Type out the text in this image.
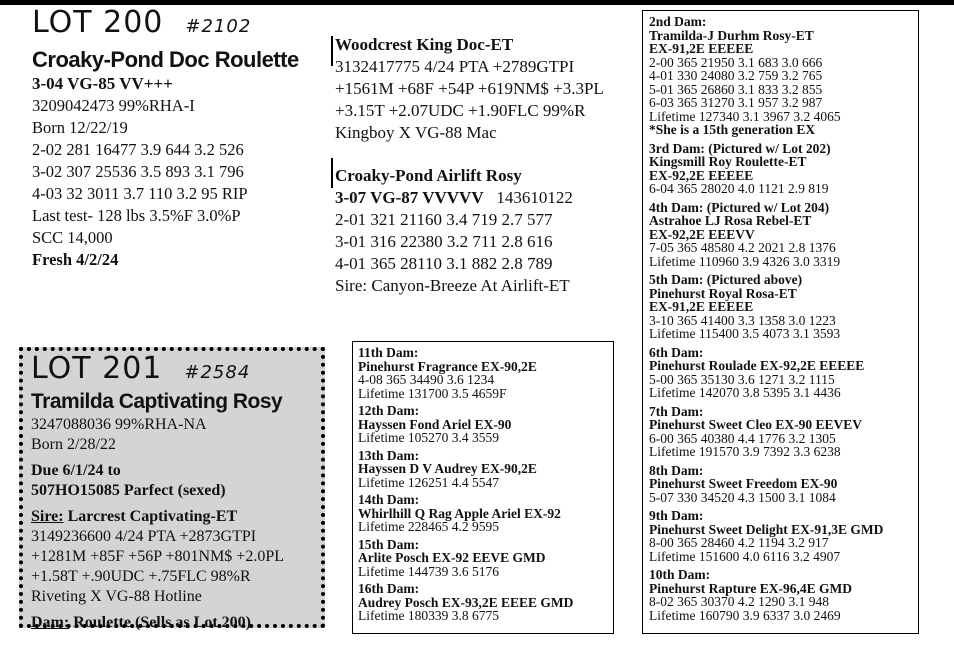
LOT 200 #2102
Croaky-Pond Doc Roulette
3-04 VG-85 VV+++
3209042473 99%RHA-I
Born 12/22/19
2-02 281 16477 3.9 644 3.2 526
3-02 307 25536 3.5 893 3.1 796
4-03 32 3011 3.7 110 3.2 95 RIP
Last test- 128 lbs 3.5%F 3.0%P
SCC 14,000
Fresh 4/2/24
Woodcrest King Doc-ET
3132417775 4/24 PTA +2789GTPI
+1561M +68F +54P +619NM$ +3.3PL
+3.15T +2.07UDC +1.90FLC 99%R
Kingboy X VG-88 Mac
Croaky-Pond Airlift Rosy
3-07 VG-87 VVVVV 143610122
2-01 321 21160 3.4 719 2.7 577
3-01 316 22380 3.2 711 2.8 616
4-01 365 28110 3.1 882 2.8 789
Sire: Canyon-Breeze At Airlift-ET
LOT 201 #2584
Tramilda Captivating Rosy
3247088036 99%RHA-NA
Born 2/28/22
Due 6/1/24 to
507HO15085 Parfect (sexed)
Sire: Larcrest Captivating-ET
3149236600 4/24 PTA +2873GTPI
+1281M +85F +56P +801NM$ +2.0PL
+1.58T +.90UDC +.75FLC 98%R
Riveting X VG-88 Hotline
Dam: Roulette (Sells as Lot 200)
11th Dam:
Pinehurst Fragrance EX-90,2E
4-08 365 34490 3.6 1234
Lifetime 131700 3.5 4659F
12th Dam:
Hayssen Fond Ariel EX-90
Lifetime 105270 3.4 3559
13th Dam:
Hayssen D V Audrey EX-90,2E
Lifetime 126251 4.4 5547
14th Dam:
Whirlhill Q Rag Apple Ariel EX-92
Lifetime 228465 4.2 9595
15th Dam:
Arlite Posch EX-92 EEVE GMD
Lifetime 144739 3.6 5176
16th Dam:
Audrey Posch EX-93,2E EEEE GMD
Lifetime 180339 3.8 6775
2nd Dam:
Tramilda-J Durhm Rosy-ET
EX-91,2E EEEEE
2-00 365 21950 3.1 683 3.0 666
4-01 330 24080 3.2 759 3.2 765
5-01 365 26860 3.1 833 3.2 855
6-03 365 31270 3.1 957 3.2 987
Lifetime 127340 3.1 3967 3.2 4065
*She is a 15th generation EX
3rd Dam: (Pictured w/ Lot 202)
Kingsmill Roy Roulette-ET
EX-92,2E EEEEE
6-04 365 28020 4.0 1121 2.9 819
4th Dam: (Pictured w/ Lot 204)
Astrahoe LJ Rosa Rebel-ET
EX-92,2E EEEVV
7-05 365 48580 4.2 2021 2.8 1376
Lifetime 110960 3.9 4326 3.0 3319
5th Dam: (Pictured above)
Pinehurst Royal Rosa-ET
EX-91,2E EEEEE
3-10 365 41400 3.3 1358 3.0 1223
Lifetime 115400 3.5 4073 3.1 3593
6th Dam:
Pinehurst Roulade EX-92,2E EEEEE
5-00 365 35130 3.6 1271 3.2 1115
Lifetime 142070 3.8 5395 3.1 4436
7th Dam:
Pinehurst Sweet Cleo EX-90 EEVEV
6-00 365 40380 4.4 1776 3.2 1305
Lifetime 191570 3.9 7392 3.3 6238
8th Dam:
Pinehurst Sweet Freedom EX-90
5-07 330 34520 4.3 1500 3.1 1084
9th Dam:
Pinehurst Sweet Delight EX-91,3E GMD
8-00 365 28460 4.2 1194 3.2 917
Lifetime 151600 4.0 6116 3.2 4907
10th Dam:
Pinehurst Rapture EX-96,4E GMD
8-02 365 30370 4.2 1290 3.1 948
Lifetime 160790 3.9 6337 3.0 2469
